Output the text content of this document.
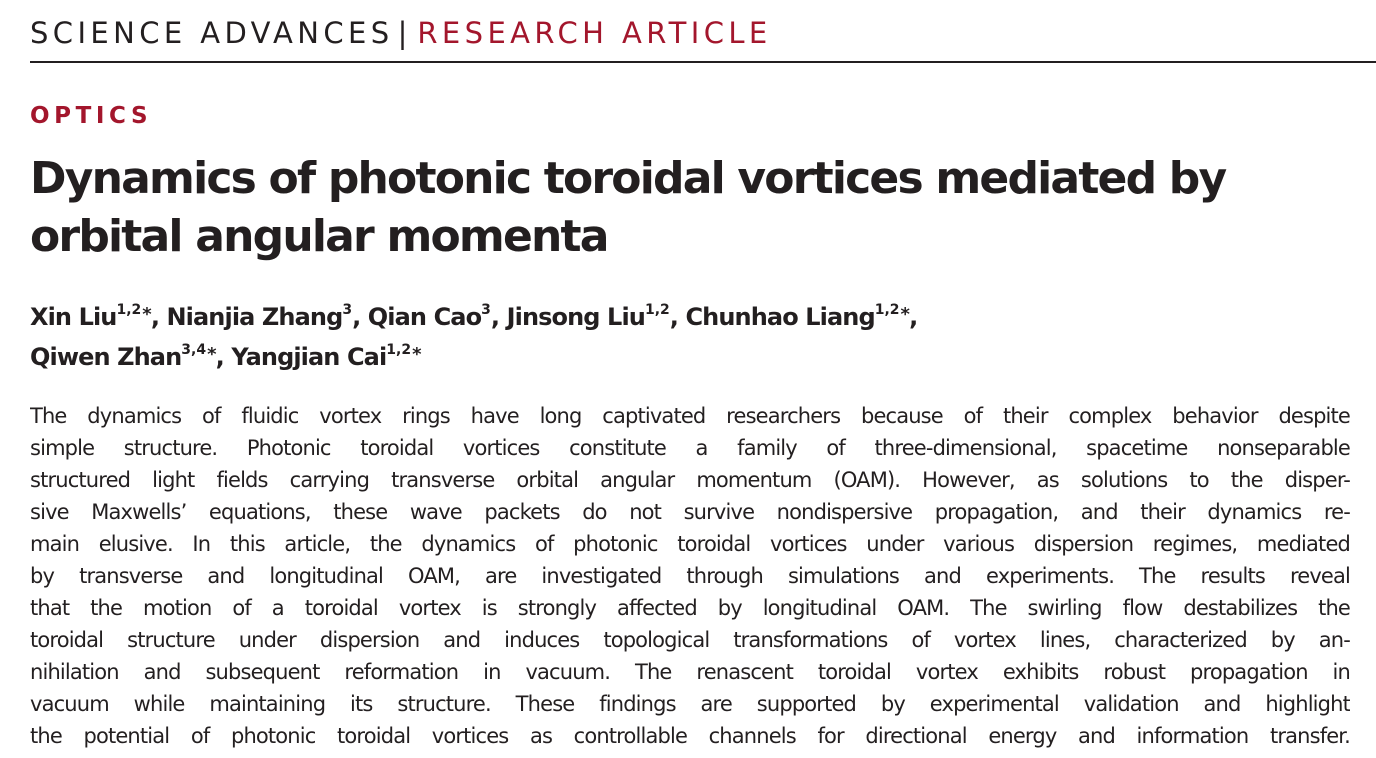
SCIENCE ADVANCES | RESEARCH ARTICLE
OPTICS
Dynamics of photonic toroidal vortices mediated by orbital angular momenta
Xin Liu$^{1,2*}$, Nianjia Zhang$^3$, Qian Cao$^3$, Jinsong Liu$^{1,2}$, Chunhao Liang$^{1,2*}$,
Qiwen Zhan$^{3,4*}$, Yangjian Cai$^{1,2*}$
The dynamics of fluidic vortex rings have long captivated researchers because of their complex behavior despite
simple structure. Photonic toroidal vortices constitute a family of three-dimensional, spacetime nonseparable
structured light fields carrying transverse orbital angular momentum (OAM). However, as solutions to the disper-
sive Maxwells’ equations, these wave packets do not survive nondispersive propagation, and their dynamics re-
main elusive. In this article, the dynamics of photonic toroidal vortices under various dispersion regimes, mediated
by transverse and longitudinal OAM, are investigated through simulations and experiments. The results reveal
that the motion of a toroidal vortex is strongly affected by longitudinal OAM. The swirling flow destabilizes the
toroidal structure under dispersion and induces topological transformations of vortex lines, characterized by an-
nihilation and subsequent reformation in vacuum. The renascent toroidal vortex exhibits robust propagation in
vacuum while maintaining its structure. These findings are supported by experimental validation and highlight
the potential of photonic toroidal vortices as controllable channels for directional energy and information transfer.
